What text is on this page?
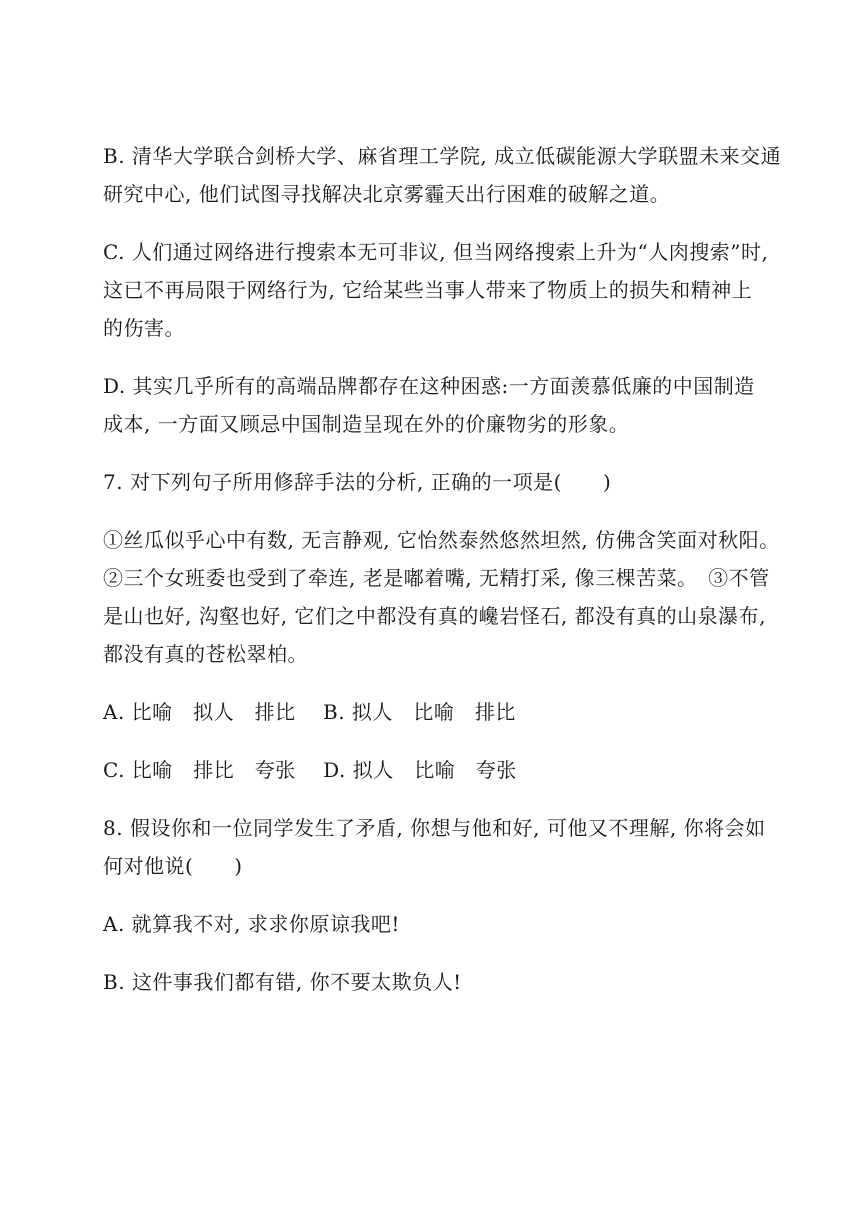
B. 清华大学联合剑桥大学、麻省理工学院, 成立低碳能源大学联盟未来交通
研究中心, 他们试图寻找解决北京雾霾天出行困难的破解之道。
C. 人们通过网络进行搜索本无可非议, 但当网络搜索上升为“人肉搜索”时,
这已不再局限于网络行为, 它给某些当事人带来了物质上的损失和精神上
的伤害。
D. 其实几乎所有的高端品牌都存在这种困惑:一方面羡慕低廉的中国制造
成本, 一方面又顾忌中国制造呈现在外的价廉物劣的形象。
7. 对下列句子所用修辞手法的分析, 正确的一项是(　　)
①丝瓜似乎心中有数, 无言静观, 它怡然泰然悠然坦然, 仿佛含笑面对秋阳。
②三个女班委也受到了牵连, 老是嘟着嘴, 无精打采, 像三棵苦菜。　③不管
是山也好, 沟壑也好, 它们之中都没有真的巉岩怪石, 都没有真的山泉瀑布,
都没有真的苍松翠柏。
A. 比喻　拟人　排比　 B. 拟人　比喻　排比
C. 比喻　排比　夸张　 D. 拟人　比喻　夸张
8. 假设你和一位同学发生了矛盾, 你想与他和好, 可他又不理解, 你将会如
何对他说(　　)
A. 就算我不对, 求求你原谅我吧!
B. 这件事我们都有错, 你不要太欺负人!
